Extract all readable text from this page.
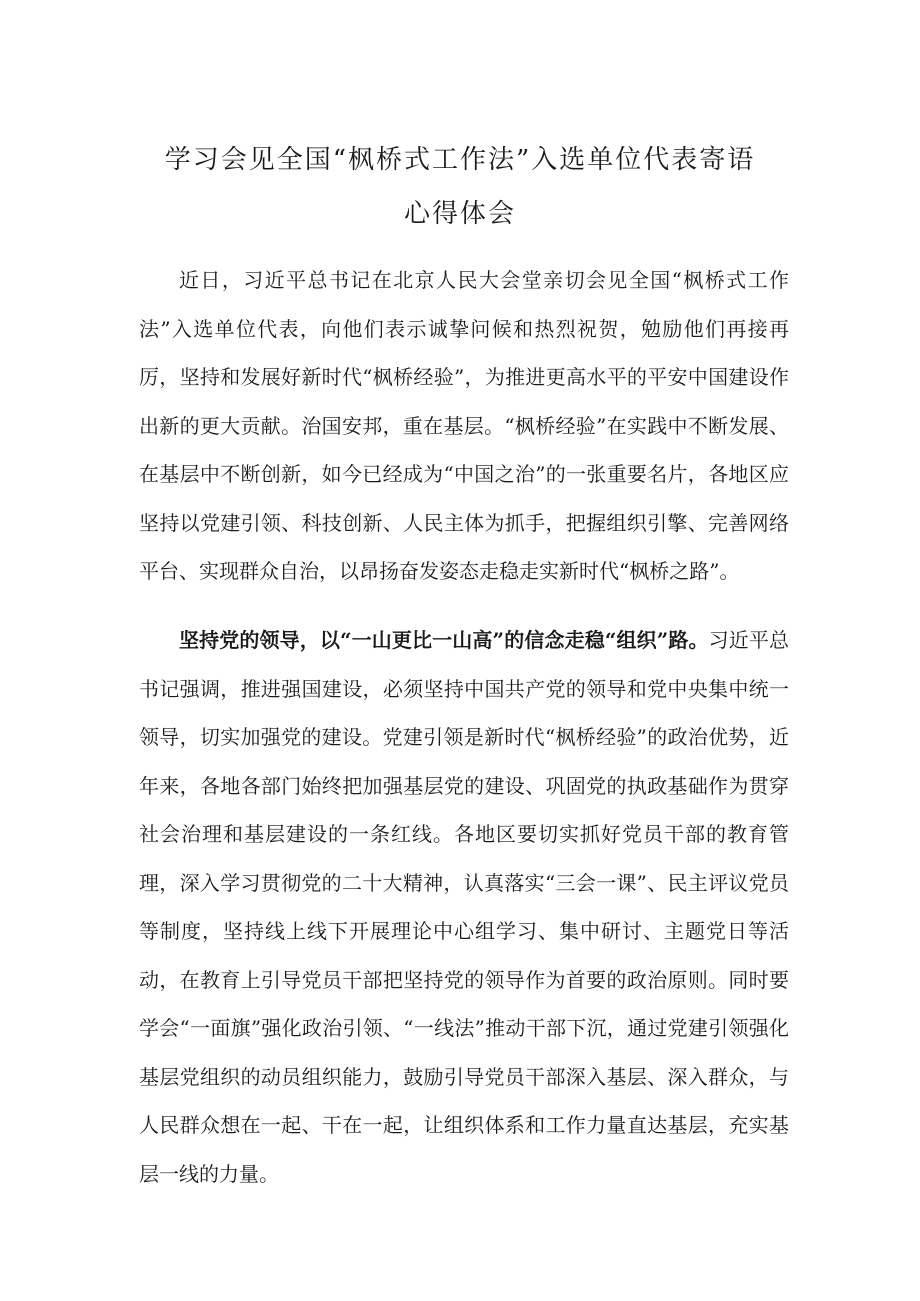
学习会见全国“枫桥式工作法”入选单位代表寄语
心得体会

近日，习近平总书记在北京人民大会堂亲切会见全国“枫桥式工作法”入选单位代表，向他们表示诚挚问候和热烈祝贺，勉励他们再接再厉，坚持和发展好新时代“枫桥经验”，为推进更高水平的平安中国建设作出新的更大贡献。治国安邦，重在基层。“枫桥经验”在实践中不断发展、在基层中不断创新，如今已经成为“中国之治”的一张重要名片，各地区应坚持以党建引领、科技创新、人民主体为抓手，把握组织引擎、完善网络平台、实现群众自治，以昂扬奋发姿态走稳走实新时代“枫桥之路”。

坚持党的领导，以“一山更比一山高”的信念走稳“组织”路。习近平总书记强调，推进强国建设，必须坚持中国共产党的领导和党中央集中统一领导，切实加强党的建设。党建引领是新时代“枫桥经验”的政治优势，近年来，各地各部门始终把加强基层党的建设、巩固党的执政基础作为贯穿社会治理和基层建设的一条红线。各地区要切实抓好党员干部的教育管理，深入学习贯彻党的二十大精神，认真落实“三会一课”、民主评议党员等制度，坚持线上线下开展理论中心组学习、集中研讨、主题党日等活动，在教育上引导党员干部把坚持党的领导作为首要的政治原则。同时要学会“一面旗”强化政治引领、“一线法”推动干部下沉，通过党建引领强化基层党组织的动员组织能力，鼓励引导党员干部深入基层、深入群众，与人民群众想在一起、干在一起，让组织体系和工作力量直达基层，充实基层一线的力量。
